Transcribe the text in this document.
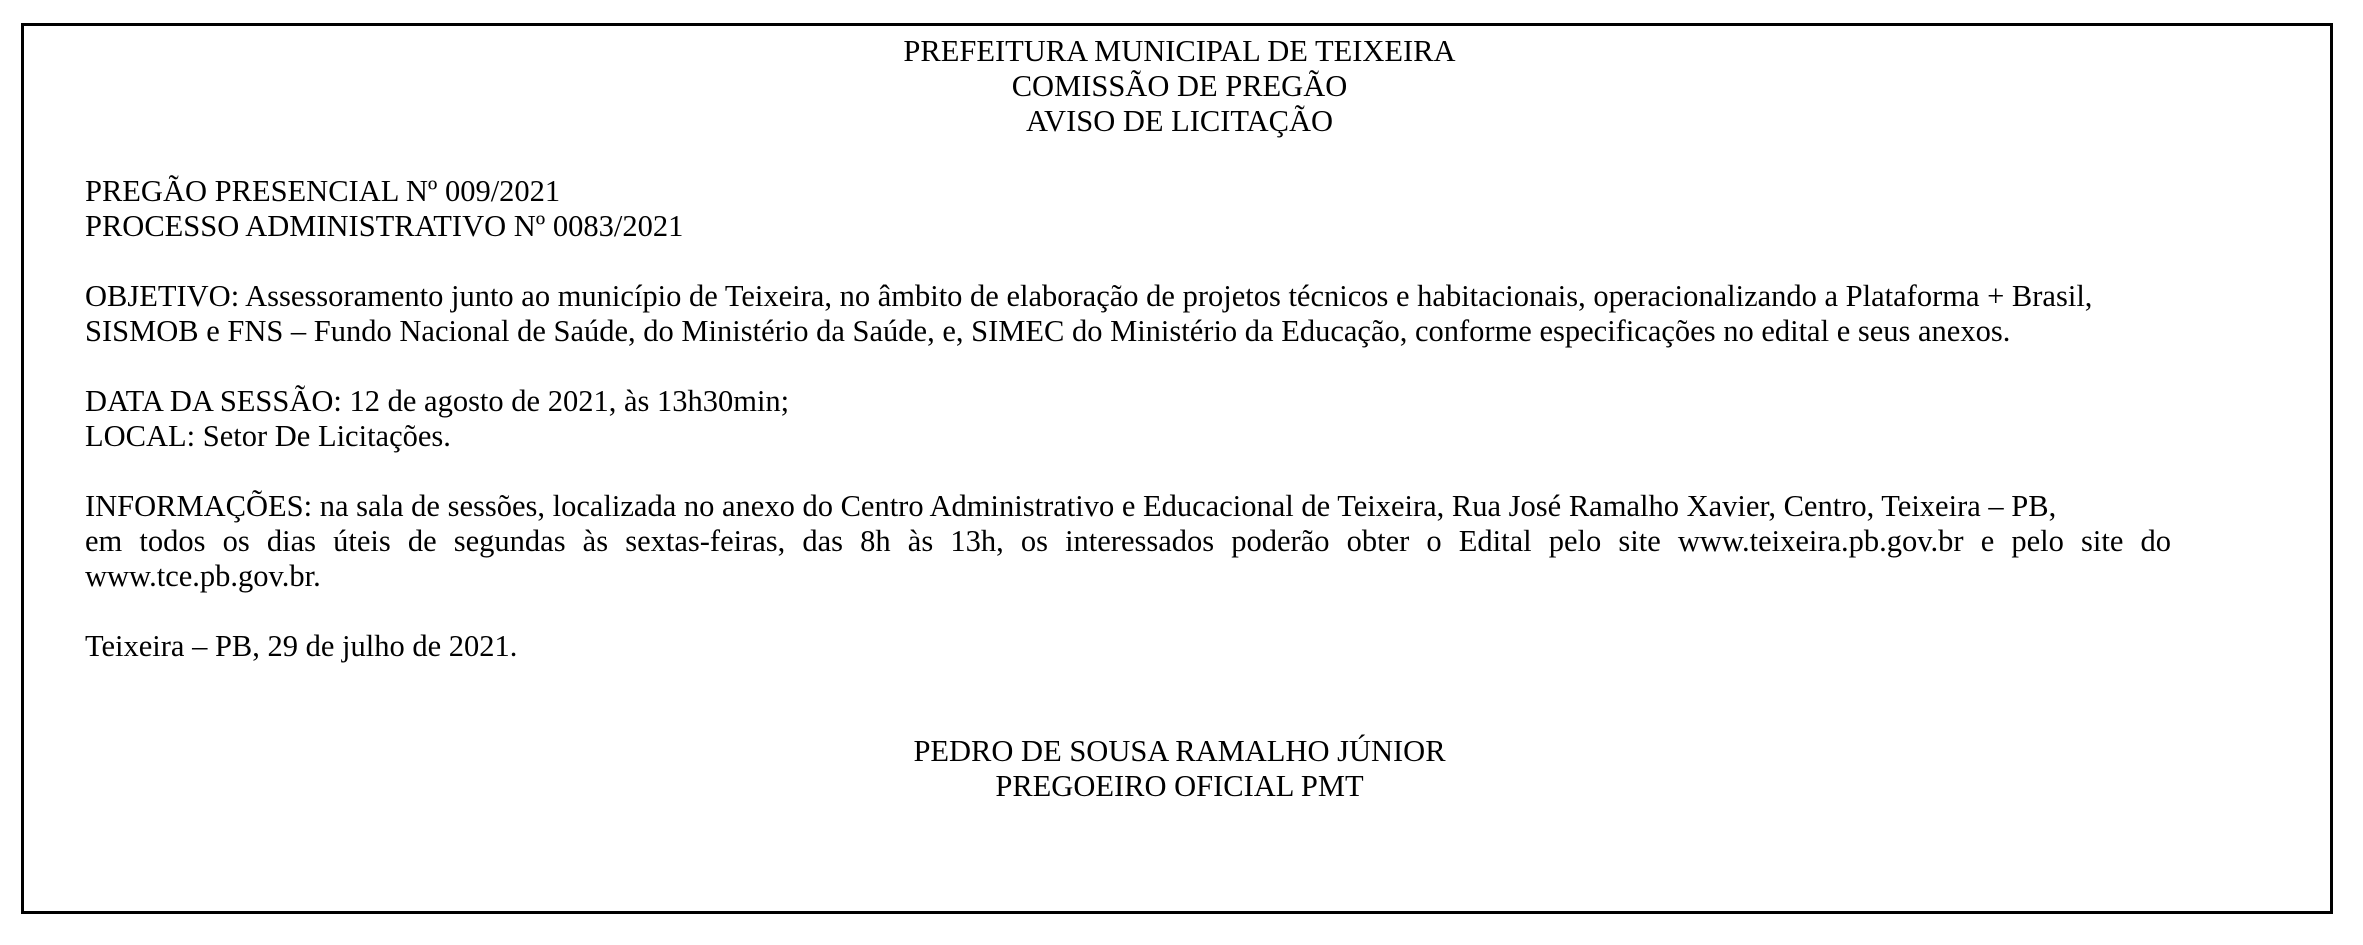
PREFEITURA MUNICIPAL DE TEIXEIRA
COMISSÃO DE PREGÃO
AVISO DE LICITAÇÃO
PREGÃO PRESENCIAL Nº 009/2021
PROCESSO ADMINISTRATIVO Nº 0083/2021
OBJETIVO: Assessoramento junto ao município de Teixeira, no âmbito de elaboração de projetos técnicos e habitacionais, operacionalizando a Plataforma + Brasil,
SISMOB e FNS – Fundo Nacional de Saúde, do Ministério da Saúde, e, SIMEC do Ministério da Educação, conforme especificações no edital e seus anexos.
DATA DA SESSÃO: 12 de agosto de 2021, às 13h30min;
LOCAL: Setor De Licitações.
INFORMAÇÕES: na sala de sessões, localizada no anexo do Centro Administrativo e Educacional de Teixeira, Rua José Ramalho Xavier, Centro, Teixeira – PB,
em todos os dias úteis de segundas às sextas-feiras, das 8h às 13h, os interessados poderão obter o Edital pelo site www.teixeira.pb.gov.br e pelo site do
www.tce.pb.gov.br.
Teixeira – PB, 29 de julho de 2021.
PEDRO DE SOUSA RAMALHO JÚNIOR
PREGOEIRO OFICIAL PMT
